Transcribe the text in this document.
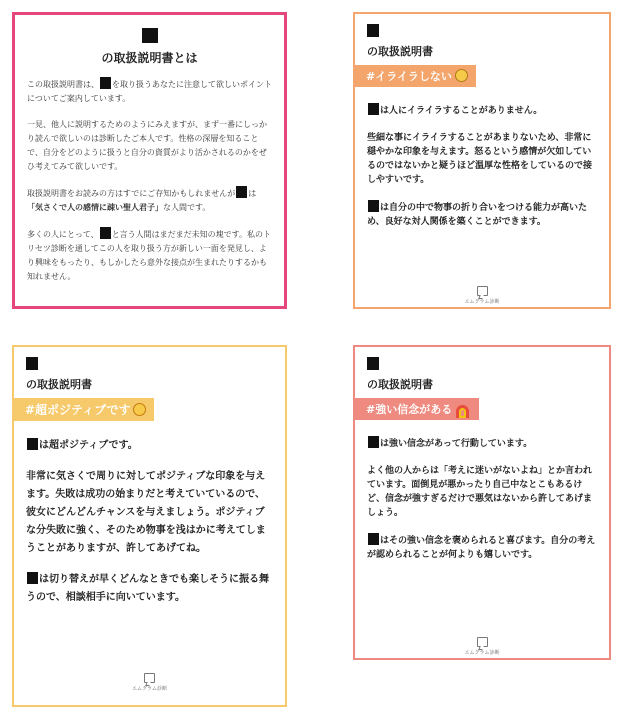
の取扱説明書とは

この取扱説明書は、 を取り扱うあなたに注意して欲しいポイントについてご案内しています。

一見、他人に説明するためのようにみえますが、まず一番にしっかり読んで欲しいのは診断したご本人です。性格の深層を知ることで、自分をどのように扱うと自分の資質がより活かされるのかをぜひ考えてみて欲しいです。

取扱説明書をお読みの方はすでにご存知かもしれませんが は「気さくで人の感情に疎い聖人君子」な人間です。

多くの人にとって、 と言う人間はまだまだ未知の塊です。私のトリセツ診断を通してこの人を取り扱う方が新しい一面を発見し、より興味をもったり、もしかしたら意外な接点が生まれたりするかも知れません。

の取扱説明書
#イライラしない

は人にイライラすることがありません。

些細な事にイライラすることがあまりないため、非常に穏やかな印象を与えます。怒るという感情が欠如しているのではないかと疑うほど温厚な性格をしているので接しやすいです。

は自分の中で物事の折り合いをつける能力が高いため、良好な対人関係を築くことができます。

エムグラム診断
の取扱説明書
#超ポジティブです

は超ポジティブです。

非常に気さくで周りに対してポジティブな印象を与えます。失敗は成功の始まりだと考えていているので、彼女にどんどんチャンスを与えましょう。ポジティブな分失敗に強く、そのため物事を浅はかに考えてしまうことがありますが、許してあげてね。

は切り替えが早くどんなときでも楽しそうに振る舞うので、相談相手に向いています。

エムグラム診断
の取扱説明書
#強い信念がある

は強い信念があって行動しています。

よく他の人からは「考えに迷いがないよね」とか言われています。面倒見が悪かったり自己中なとこもあるけど、信念が強すぎるだけで悪気はないから許してあげましょう。

はその強い信念を褒められると喜びます。自分の考えが認められることが何よりも嬉しいです。

エムグラム診断
